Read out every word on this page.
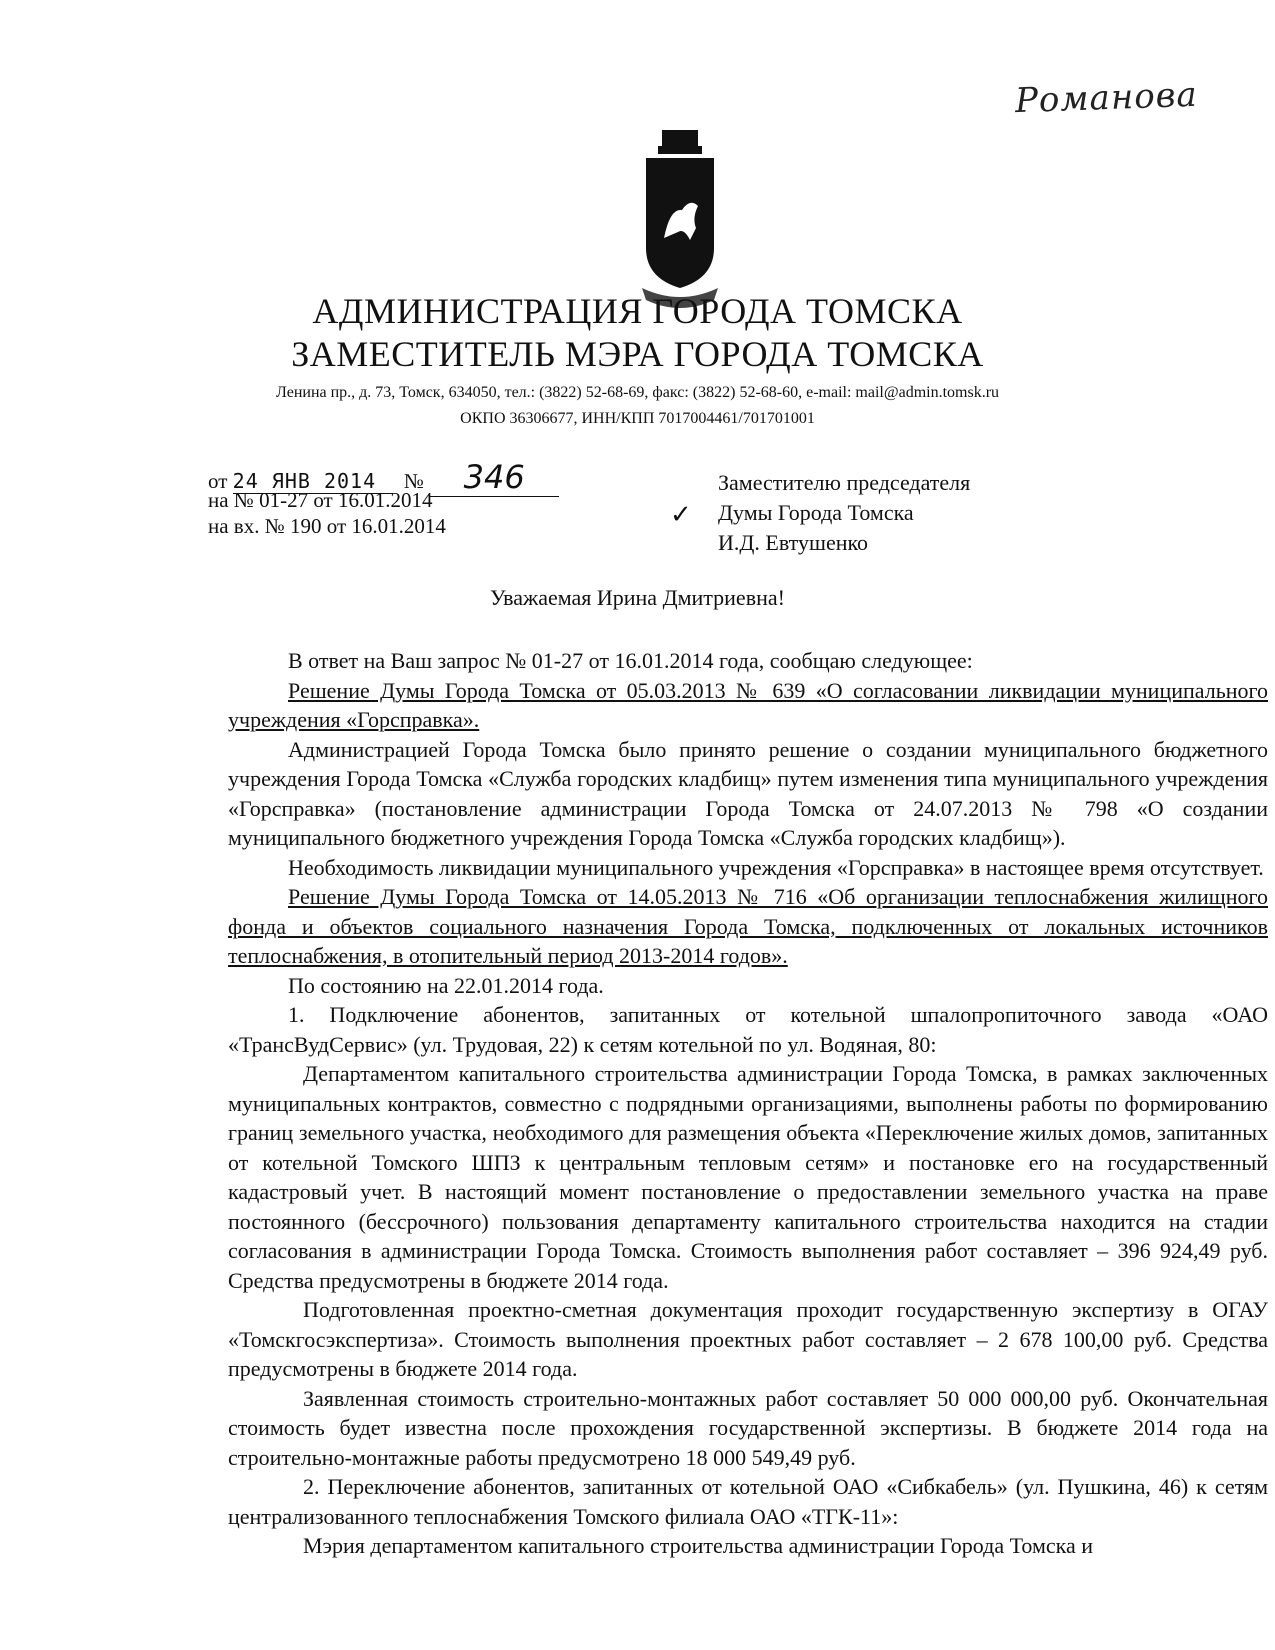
Романова
АДМИНИСТРАЦИЯ ГОРОДА ТОМСКА
ЗАМЕСТИТЕЛЬ МЭРА ГОРОДА ТОМСКА
Ленина пр., д. 73, Томск, 634050, тел.: (3822) 52-68-69, факс: (3822) 52-68-60, e-mail: mail@admin.tomsk.ru
ОКПО 36306677, ИНН/КПП 7017004461/701701001
от 24 ЯНВ 2014 № 346
на № 01-27 от 16.01.2014
на вх. № 190 от 16.01.2014	✓
Заместителю председателя
Думы Города Томска
И.Д. Евтушенко
Уважаемая Ирина Дмитриевна!

В ответ на Ваш запрос № 01-27 от 16.01.2014 года, сообщаю следующее:

Решение Думы Города Томска от 05.03.2013 № 639 «О согласовании ликвидации муниципального учреждения «Горсправка».

Администрацией Города Томска было принято решение о создании муниципального бюджетного учреждения Города Томска «Служба городских кладбищ» путем изменения типа муниципального учреждения «Горсправка» (постановление администрации Города Томска от 24.07.2013 № 798 «О создании муниципального бюджетного учреждения Города Томска «Служба городских кладбищ»).

Необходимость ликвидации муниципального учреждения «Горсправка» в настоящее время отсутствует.

Решение Думы Города Томска от 14.05.2013 № 716 «Об организации теплоснабжения жилищного фонда и объектов социального назначения Города Томска, подключенных от локальных источников теплоснабжения, в отопительный период 2013-2014 годов».

По состоянию на 22.01.2014 года.

1. Подключение абонентов, запитанных от котельной шпалопропиточного завода «ОАО «ТрансВудСервис» (ул. Трудовая, 22) к сетям котельной по ул. Водяная, 80:

Департаментом капитального строительства администрации Города Томска, в рамках заключенных муниципальных контрактов, совместно с подрядными организациями, выполнены работы по формированию границ земельного участка, необходимого для размещения объекта «Переключение жилых домов, запитанных от котельной Томского ШПЗ к центральным тепловым сетям» и постановке его на государственный кадастровый учет. В настоящий момент постановление о предоставлении земельного участка на праве постоянного (бессрочного) пользования департаменту капитального строительства находится на стадии согласования в администрации Города Томска. Стоимость выполнения работ составляет – 396 924,49 руб. Средства предусмотрены в бюджете 2014 года.

Подготовленная проектно-сметная документация проходит государственную экспертизу в ОГАУ «Томскгосэкспертиза». Стоимость выполнения проектных работ составляет – 2 678 100,00 руб. Средства предусмотрены в бюджете 2014 года.

Заявленная стоимость строительно-монтажных работ составляет 50 000 000,00 руб. Окончательная стоимость будет известна после прохождения государственной экспертизы. В бюджете 2014 года на строительно-монтажные работы предусмотрено 18 000 549,49 руб.

2. Переключение абонентов, запитанных от котельной ОАО «Сибкабель» (ул. Пушкина, 46) к сетям централизованного теплоснабжения Томского филиала ОАО «ТГК-11»:

Мэрия департаментом капитального строительства администрации Города Томска и
